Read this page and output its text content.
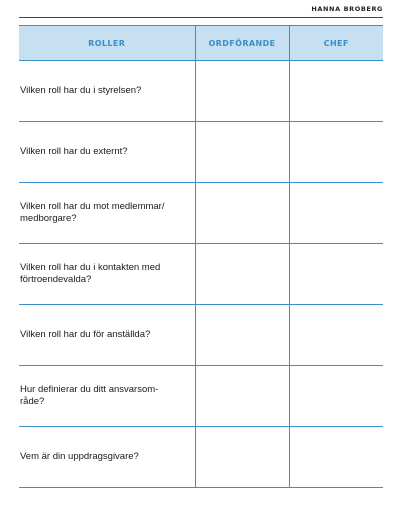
HANNA BROBERG
ROLLER	ORDFÖRANDE	CHEF
Vilken roll har du i styrelsen?		
Vilken roll har du externt?		
Vilken roll har du mot medlemmar/
medborgare?		
Vilken roll har du i kontakten med
förtroendevalda?		
Vilken roll har du för anställda?		
Hur definierar du ditt ansvarsom-
råde?		
Vem är din uppdragsgivare?		
